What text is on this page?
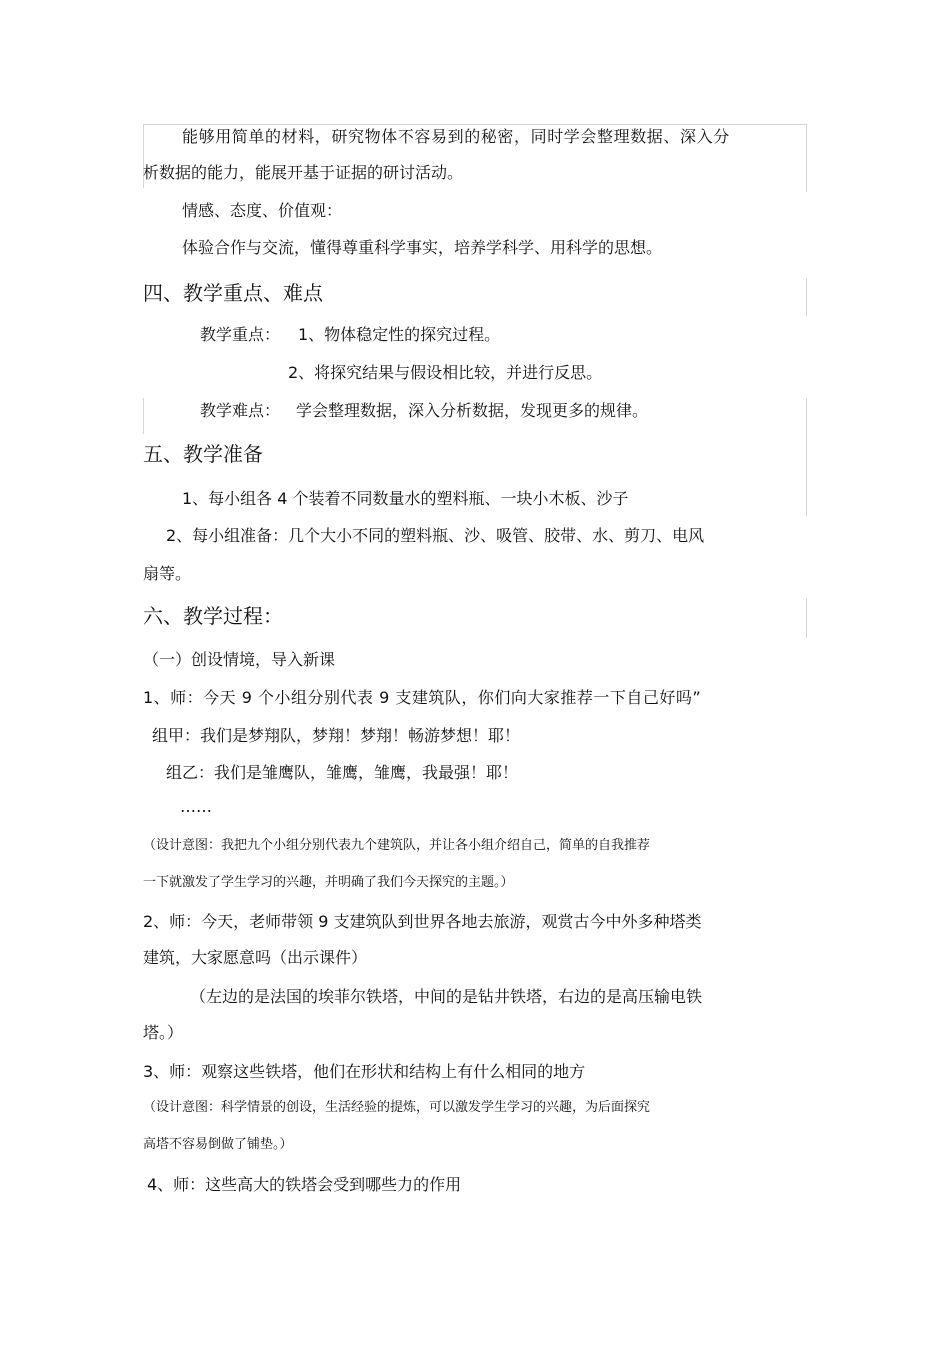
能够用简单的材料，研究物体不容易到的秘密，同时学会整理数据、深入分
析数据的能力，能展开基于证据的研讨活动。
情感、态度、价值观：
体验合作与交流，懂得尊重科学事实，培养学科学、用科学的思想。
四、教学重点、难点
教学重点： 1、物体稳定性的探究过程。
2、将探究结果与假设相比较，并进行反思。
教学难点： 学会整理数据，深入分析数据，发现更多的规律。
五、教学准备
1、每小组各 4 个装着不同数量水的塑料瓶、一块小木板、沙子
2、每小组准备：几个大小不同的塑料瓶、沙、吸管、胶带、水、剪刀、电风
扇等。
六、教学过程：
（一）创设情境，导入新课
1、师：今天 9 个小组分别代表 9 支建筑队，你们向大家推荐一下自己好吗”
组甲：我们是梦翔队，梦翔！梦翔！畅游梦想！耶！
组乙：我们是雏鹰队，雏鹰，雏鹰，我最强！耶！
……
（设计意图：我把九个小组分别代表九个建筑队，并让各小组介绍自己，简单的自我推荐
一下就激发了学生学习的兴趣，并明确了我们今天探究的主题。）
2、师：今天，老师带领 9 支建筑队到世界各地去旅游，观赏古今中外多种塔类
建筑，大家愿意吗（出示课件）
（左边的是法国的埃菲尔铁塔，中间的是钻井铁塔，右边的是高压输电铁
塔。）
3、师：观察这些铁塔，他们在形状和结构上有什么相同的地方
（设计意图：科学情景的创设，生活经验的提炼，可以激发学生学习的兴趣，为后面探究
高塔不容易倒做了铺垫。）
4、师：这些高大的铁塔会受到哪些力的作用
